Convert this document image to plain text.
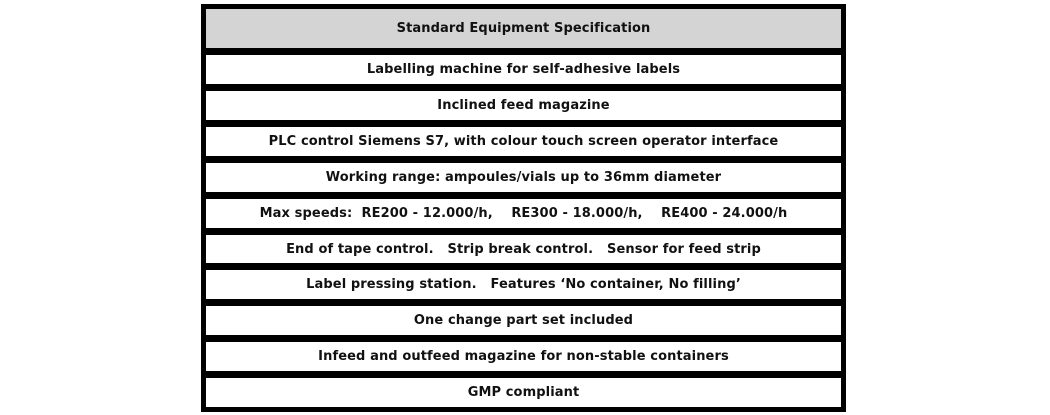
Standard Equipment Specification
Labelling machine for self-adhesive labels
Inclined feed magazine
PLC control Siemens S7, with colour touch screen operator interface
Working range: ampoules/vials up to 36mm diameter
Max speeds:  RE200 - 12.000/h,    RE300 - 18.000/h,    RE400 - 24.000/h
End of tape control.   Strip break control.   Sensor for feed strip
Label pressing station.   Features ‘No container, No filling’
One change part set included
Infeed and outfeed magazine for non-stable containers
GMP compliant
